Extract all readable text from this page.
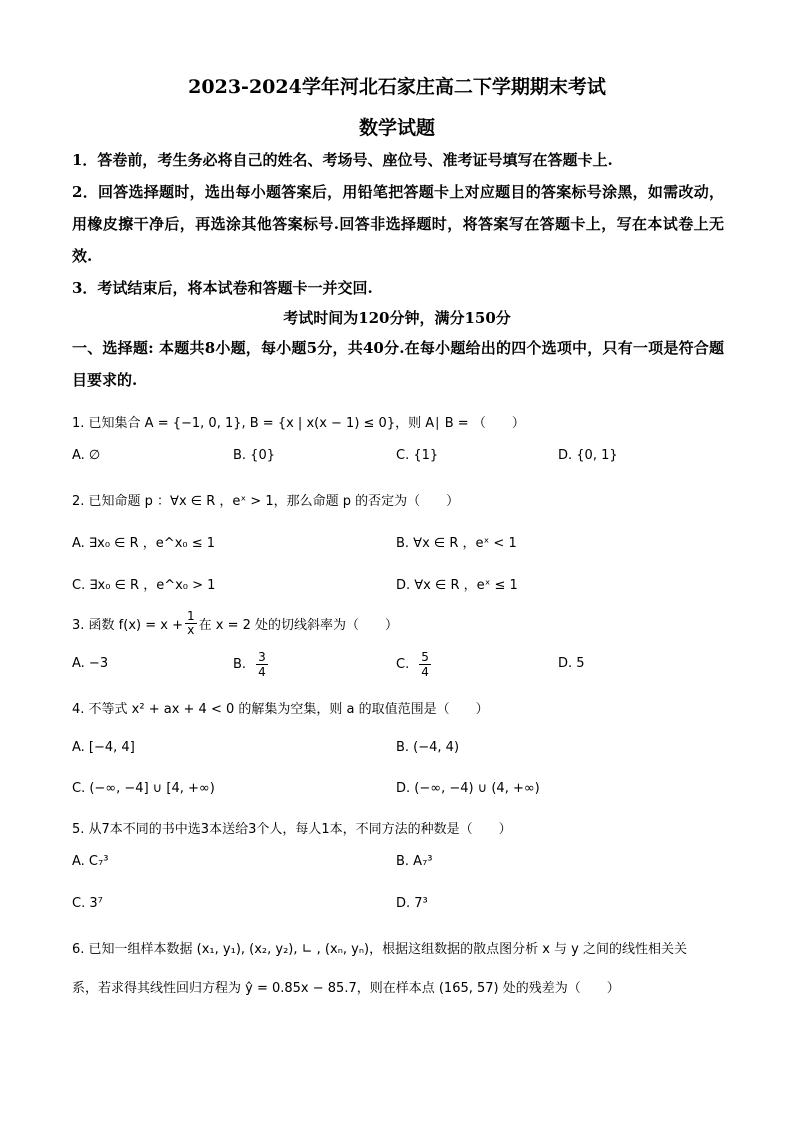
2023-2024学年河北石家庄高二下学期期末考试
数学试题
1．答卷前，考生务必将自己的姓名、考场号、座位号、准考证号填写在答题卡上.
2．回答选择题时，选出每小题答案后，用铅笔把答题卡上对应题目的答案标号涂黑，如需改动，用橡皮擦干净后，再选涂其他答案标号.回答非选择题时，将答案写在答题卡上，写在本试卷上无效.
3．考试结束后，将本试卷和答题卡一并交回.
考试时间为120分钟，满分150分
一、选择题: 本题共8小题，每小题5分，共40分.在每小题给出的四个选项中，只有一项是符合题目要求的.
1. 已知集合 A = {−1, 0, 1}, B = {x | x(x − 1) ≤ 0}，则 A∣ B = （　　）
A. ∅	B. {0}	C. {1}	D. {0, 1}
2. 已知命题 p ：∀x ∈ R ，eˣ > 1，那么命题 p 的否定为（　　）
A. ∃x₀ ∈ R ，e^x₀ ≤ 1	B. ∀x ∈ R ，eˣ < 1
C. ∃x₀ ∈ R ，e^x₀ > 1	D. ∀x ∈ R ，eˣ ≤ 1
3. 函数 $f(x) = x + \frac{1}{x}$ 在 x = 2 处的切线斜率为（　　）
A. −3	B. $\frac{3}{4}$	C. $\frac{5}{4}$	D. 5
4. 不等式 x² + ax + 4 < 0 的解集为空集，则 a 的取值范围是（　　）
A. [−4, 4]	B. (−4, 4)
C. (−∞, −4] ∪ [4, +∞)	D. (−∞, −4) ∪ (4, +∞)
5. 从7本不同的书中选3本送给3个人，每人1本，不同方法的种数是（　　）
A. C₇³	B. A₇³
C. 3⁷	D. 7³
6. 已知一组样本数据 (x₁, y₁), (x₂, y₂), ∟ , (xₙ, yₙ)，根据这组数据的散点图分析 x 与 y 之间的线性相关关
系，若求得其线性回归方程为 ŷ = 0.85x − 85.7，则在样本点 (165, 57) 处的残差为（　　）
